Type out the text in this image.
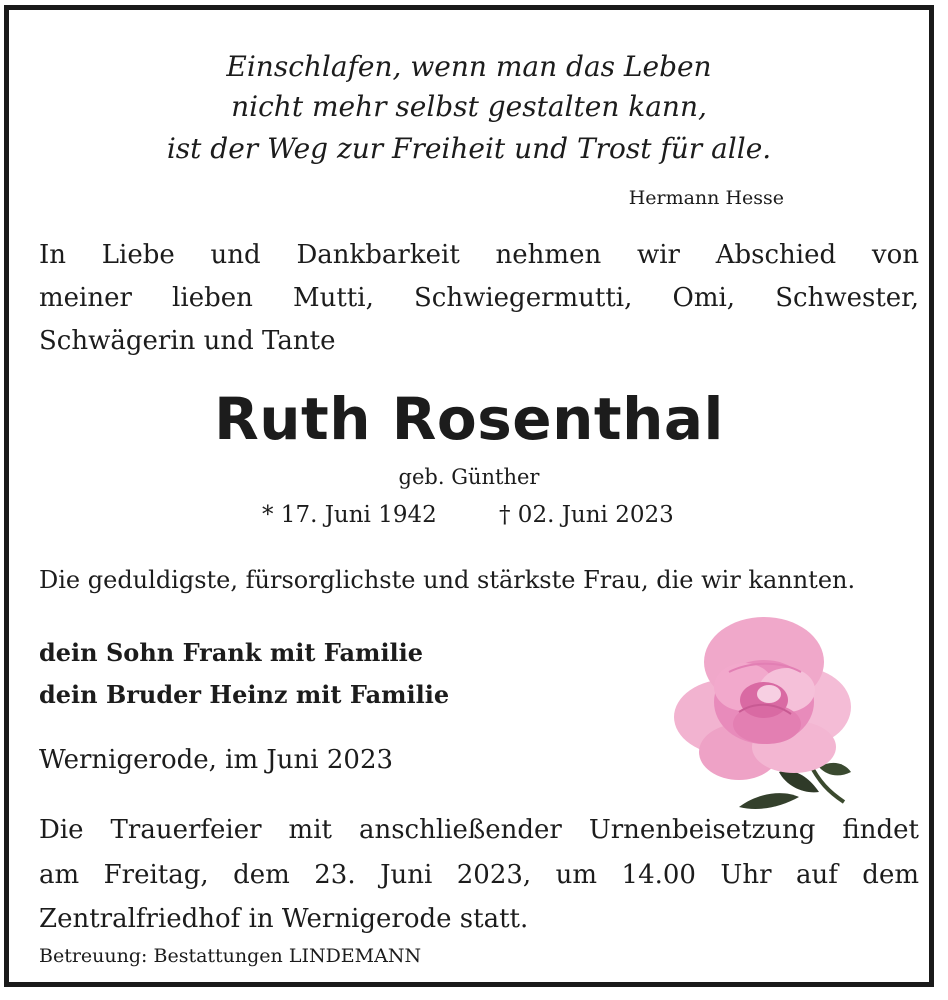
Einschlafen, wenn man das Leben
nicht mehr selbst gestalten kann,
ist der Weg zur Freiheit und Trost für alle.
Hermann Hesse
In Liebe und Dankbarkeit nehmen wir Abschied von
meiner lieben Mutti, Schwiegermutti, Omi, Schwester,
Schwägerin und Tante
Ruth Rosenthal
geb. Günther
* 17. Juni 1942	† 02. Juni 2023
Die geduldigste, fürsorglichste und stärkste Frau, die wir kannten.
dein Sohn Frank mit Familie
dein Bruder Heinz mit Familie
Wernigerode, im Juni 2023
Die Trauerfeier mit anschließender Urnenbeisetzung findet
am Freitag, dem 23. Juni 2023, um 14.00 Uhr auf dem
Zentralfriedhof in Wernigerode statt.
Betreuung: Bestattungen LINDEMANN
